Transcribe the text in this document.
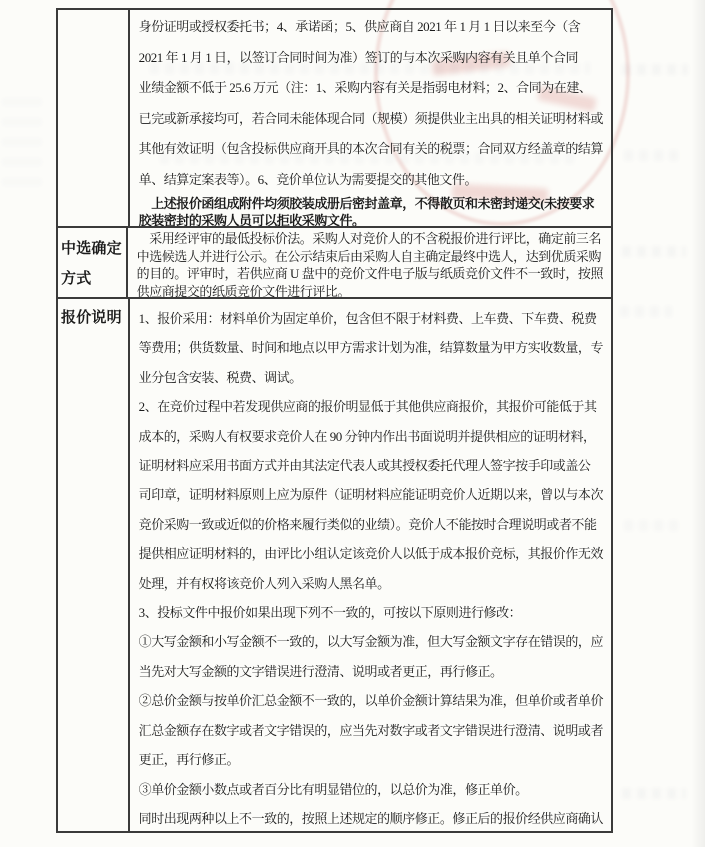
身份证明或授权委托书；4、承诺函；5、供应商自 2021 年 1 月 1 日以来至今（含
2021 年 1 月 1 日，以签订合同时间为准）签订的与本次采购内容有关且单个合同
业绩金额不低于 25.6 万元（注：1、采购内容有关是指弱电材料；2、合同为在建、
已完或新承接均可，若合同未能体现合同（规模）须提供业主出具的相关证明材料或
其他有效证明（包含投标供应商开具的本次合同有关的税票；合同双方经盖章的结算
单、结算定案表等）。6、竞价单位认为需要提交的其他文件。
　上述报价函组成附件均须胶装成册后密封盖章，不得散页和未密封递交(未按要求
胶装密封的采购人员可以拒收采购文件。
中选确定方式
　采用经评审的最低投标价法。采购人对竞价人的不含税报价进行评比，确定前三名
中选候选人并进行公示。在公示结束后由采购人自主确定最终中选人，达到优质采购
的目的。评审时，若供应商 U 盘中的竞价文件电子版与纸质竞价文件不一致时，按照
供应商提交的纸质竞价文件进行评比。
报价说明	1、报价采用：材料单价为固定单价，包含但不限于材料费、上车费、下车费、税费
等费用；供货数量、时间和地点以甲方需求计划为准，结算数量为甲方实收数量，专
业分包含安装、税费、调试。
2、在竞价过程中若发现供应商的报价明显低于其他供应商报价，其报价可能低于其
成本的，采购人有权要求竞价人在 90 分钟内作出书面说明并提供相应的证明材料，
证明材料应采用书面方式并由其法定代表人或其授权委托代理人签字按手印或盖公
司印章，证明材料原则上应为原件（证明材料应能证明竞价人近期以来，曾以与本次
竞价采购一致或近似的价格来履行类似的业绩）。竞价人不能按时合理说明或者不能
提供相应证明材料的，由评比小组认定该竞价人以低于成本报价竞标，其报价作无效
处理，并有权将该竞价人列入采购人黑名单。
3、投标文件中报价如果出现下列不一致的，可按以下原则进行修改：
①大写金额和小写金额不一致的，以大写金额为准，但大写金额文字存在错误的，应
当先对大写金额的文字错误进行澄清、说明或者更正，再行修正。
②总价金额与按单价汇总金额不一致的，以单价金额计算结果为准，但单价或者单价
汇总金额存在数字或者文字错误的，应当先对数字或者文字错误进行澄清、说明或者
更正，再行修正。
③单价金额小数点或者百分比有明显错位的，以总价为准，修正单价。
同时出现两种以上不一致的，按照上述规定的顺序修正。修正后的报价经供应商确认
